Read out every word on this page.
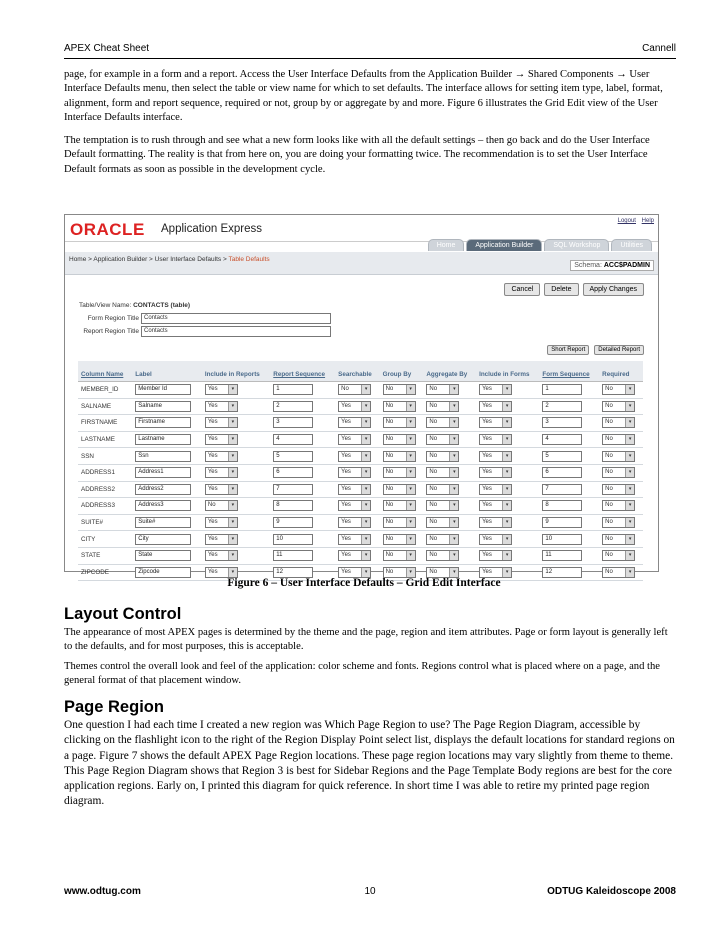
APEX Cheat Sheet	Cannell
page, for example in a form and a report. Access the User Interface Defaults from the Application Builder → Shared Components → User Interface Defaults menu, then select the table or view name for which to set defaults. The interface allows for setting item type, label, format, alignment, form and report sequence, required or not, group by or aggregate by and more. Figure 6 illustrates the Grid Edit view of the User Interface Defaults interface.
The temptation is to rush through and see what a new form looks like with all the default settings – then go back and do the User Interface Default formatting. The reality is that from here on, you are doing your formatting twice. The recommendation is to set the User Interface Default formats as soon as possible in the development cycle.
ORACLE Application Express
Logout Help
Home	Application Builder	SQL Workshop	Utilities
Home > Application Builder > User Interface Defaults > Table Defaults
Schema: ACC$PADMIN
Cancel	Delete	Apply Changes
Table/View Name:
CONTACTS (table)
Form Region Title Contacts
Report Region Title Contacts
Short Report	Detailed Report
Column Name	Label	Include in Reports	Report Sequence	Searchable	Group By	Aggregate By	Include in Forms	Form Sequence	Required
MEMBER_ID	Member Id	Yes ▾	1	No ▾	No ▾	No ▾	Yes ▾	1	No ▾

SALNAME	Salname	Yes ▾	2	Yes ▾	No ▾	No ▾	Yes ▾	2	No ▾

FIRSTNAME	Firstname	Yes ▾	3	Yes ▾	No ▾	No ▾	Yes ▾	3	No ▾

LASTNAME	Lastname	Yes ▾	4	Yes ▾	No ▾	No ▾	Yes ▾	4	No ▾

SSN	Ssn	Yes ▾	5	Yes ▾	No ▾	No ▾	Yes ▾	5	No ▾

ADDRESS1	Address1	Yes ▾	6	Yes ▾	No ▾	No ▾	Yes ▾	6	No ▾

ADDRESS2	Address2	Yes ▾	7	Yes ▾	No ▾	No ▾	Yes ▾	7	No ▾

ADDRESS3	Address3	No ▾	8	Yes ▾	No ▾	No ▾	Yes ▾	8	No ▾

SUITE#	Suite#	Yes ▾	9	Yes ▾	No ▾	No ▾	Yes ▾	9	No ▾

CITY	City	Yes ▾	10	Yes ▾	No ▾	No ▾	Yes ▾	10	No ▾

STATE	State	Yes ▾	11	Yes ▾	No ▾	No ▾	Yes ▾	11	No ▾

ZIPCODE	Zipcode	Yes ▾	12	Yes ▾	No ▾	No ▾	Yes ▾	12	No ▾
Figure 6 – User Interface Defaults – Grid Edit Interface
Layout Control
The appearance of most APEX pages is determined by the theme and the page, region and item attributes. Page or form layout is generally left to the defaults, and for most purposes, this is acceptable.
Themes control the overall look and feel of the application: color scheme and fonts. Regions control what is placed where on a page, and the general format of that placement window.
Page Region
One question I had each time I created a new region was Which Page Region to use? The Page Region Diagram, accessible by clicking on the flashlight icon to the right of the Region Display Point select list, displays the default locations for standard regions on a page. Figure 7 shows the default APEX Page Region locations. These page region locations may vary slightly from theme to theme. This Page Region Diagram shows that Region 3 is best for Sidebar Regions and the Page Template Body regions are best for the core application regions. Early on, I printed this diagram for quick reference. In short time I was able to retire my printed page region diagram.
www.odtug.com	10	ODTUG Kaleidoscope 2008
